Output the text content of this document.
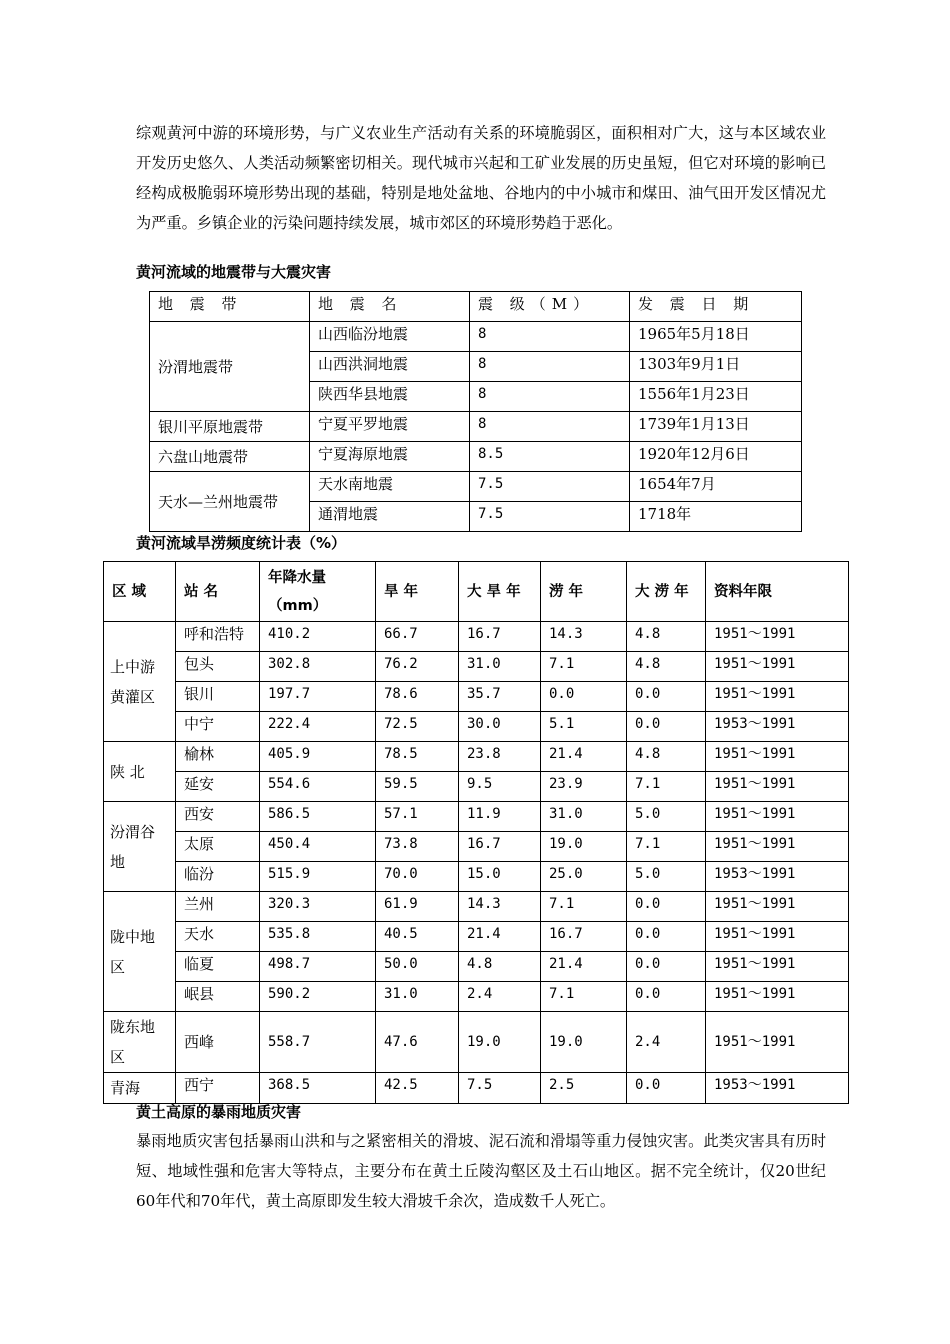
综观黄河中游的环境形势，与广义农业生产活动有关系的环境脆弱区，面积相对广大，这与本区域农业开发历史悠久、人类活动频繁密切相关。现代城市兴起和工矿业发展的历史虽短，但它对环境的影响已经构成极脆弱环境形势出现的基础，特别是地处盆地、谷地内的中小城市和煤田、油气田开发区情况尤为严重。乡镇企业的污染问题持续发展，城市郊区的环境形势趋于恶化。

黄河流域的地震带与大震灾害
地 震 带	地 震 名	震 级（M）	发 震 日 期
汾渭地震带	山西临汾地震	8	1965年5月18日
	山西洪洞地震	8	1303年9月1日
	陕西华县地震	8	1556年1月23日
银川平原地震带	宁夏平罗地震	8	1739年1月13日
六盘山地震带	宁夏海原地震	8.5	1920年12月6日
天水—兰州地震带	天水南地震	7.5	1654年7月
	通渭地震	7.5	1718年
黄河流域旱涝频度统计表（%）
区 域	站 名	年降水量（mm）	旱 年	大 旱 年	涝 年	大 涝 年	资料年限
上中游黄灌区	呼和浩特	410.2	66.7	16.7	14.3	4.8	1951～1991
	包头	302.8	76.2	31.0	7.1	4.8	1951～1991
	银川	197.7	78.6	35.7	0.0	0.0	1951～1991
	中宁	222.4	72.5	30.0	5.1	0.0	1953～1991
陕 北	榆林	405.9	78.5	23.8	21.4	4.8	1951～1991
	延安	554.6	59.5	9.5	23.9	7.1	1951～1991
汾渭谷地	西安	586.5	57.1	11.9	31.0	5.0	1951～1991
	太原	450.4	73.8	16.7	19.0	7.1	1951～1991
	临汾	515.9	70.0	15.0	25.0	5.0	1953～1991
陇中地区	兰州	320.3	61.9	14.3	7.1	0.0	1951～1991
	天水	535.8	40.5	21.4	16.7	0.0	1951～1991
	临夏	498.7	50.0	4.8	21.4	0.0	1951～1991
	岷县	590.2	31.0	2.4	7.1	0.0	1951～1991
陇东地区	西峰	558.7	47.6	19.0	19.0	2.4	1951～1991
青海	西宁	368.5	42.5	7.5	2.5	0.0	1953～1991
黄土高原的暴雨地质灾害

暴雨地质灾害包括暴雨山洪和与之紧密相关的滑坡、泥石流和滑塌等重力侵蚀灾害。此类灾害具有历时短、地域性强和危害大等特点，主要分布在黄土丘陵沟壑区及土石山地区。据不完全统计，仅20世纪60年代和70年代，黄土高原即发生较大滑坡千余次，造成数千人死亡。
